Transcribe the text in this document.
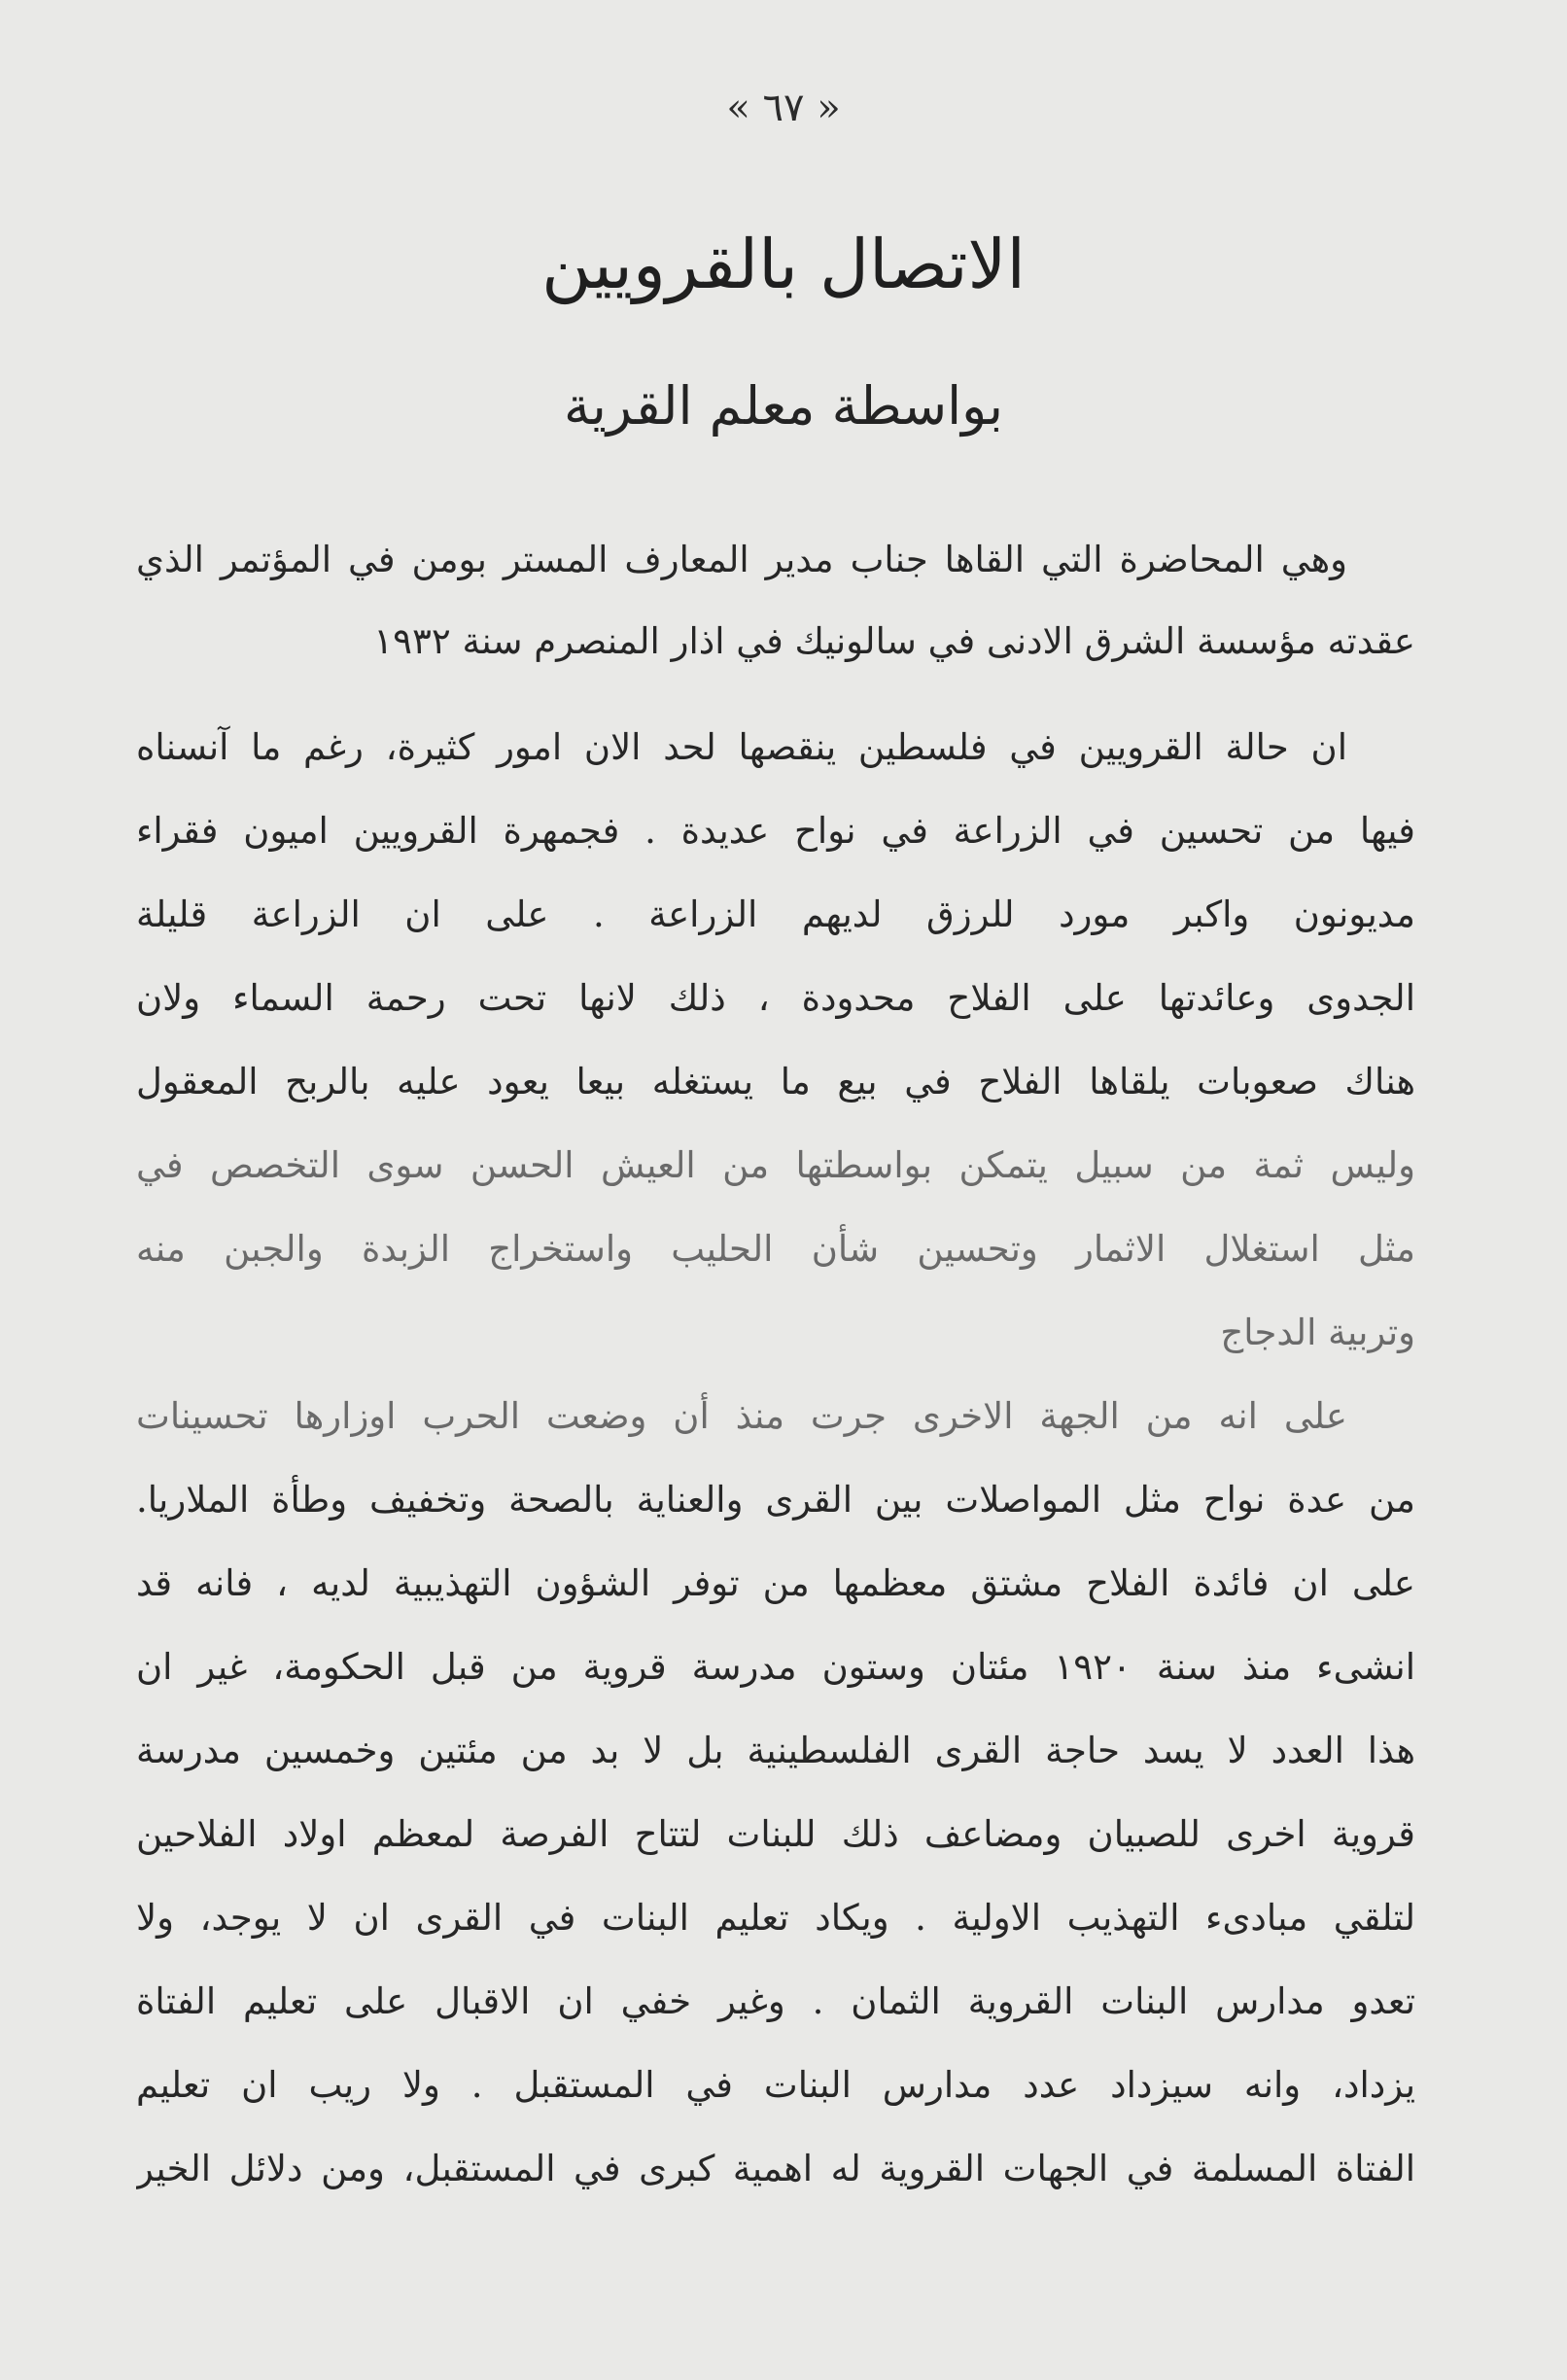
« ٦٧ »
الاتصال بالقرويين
بواسطة معلم القرية
وهي المحاضرة التي القاها جناب مدير المعارف المستر بومن في المؤتمر الذي
عقدته مؤسسة الشرق الادنى في سالونيك في اذار المنصرم سنة ١٩٣٢
ان حالة القرويين في فلسطين ينقصها لحد الان امور كثيرة، رغم ما آنسناه
فيها من تحسين في الزراعة في نواح عديدة . فجمهرة القرويين اميون فقراء
مديونون واكبر مورد للرزق لديهم الزراعة . على ان الزراعة قليلة
الجدوى وعائدتها على الفلاح محدودة ، ذلك لانها تحت رحمة السماء ولان
هناك صعوبات يلقاها الفلاح في بيع ما يستغله بيعا يعود عليه بالربح المعقول
وليس ثمة من سبيل يتمكن بواسطتها من العيش الحسن سوى التخصص في
مثل استغلال الاثمار وتحسين شأن الحليب واستخراج الزبدة والجبن منه
وتربية الدجاج
على انه من الجهة الاخرى جرت منذ أن وضعت الحرب اوزارها تحسينات
من عدة نواح مثل المواصلات بين القرى والعناية بالصحة وتخفيف وطأة الملاريا.
على ان فائدة الفلاح مشتق معظمها من توفر الشؤون التهذيبية لديه ، فانه قد
انشىء منذ سنة ١٩٢٠ مئتان وستون مدرسة قروية من قبل الحكومة، غير ان
هذا العدد لا يسد حاجة القرى الفلسطينية بل لا بد من مئتين وخمسين مدرسة
قروية اخرى للصبيان ومضاعف ذلك للبنات لتتاح الفرصة لمعظم اولاد الفلاحين
لتلقي مبادىء التهذيب الاولية . ويكاد تعليم البنات في القرى ان لا يوجد، ولا
تعدو مدارس البنات القروية الثمان . وغير خفي ان الاقبال على تعليم الفتاة
يزداد، وانه سيزداد عدد مدارس البنات في المستقبل . ولا ريب ان تعليم
الفتاة المسلمة في الجهات القروية له اهمية كبرى في المستقبل، ومن دلائل الخير
